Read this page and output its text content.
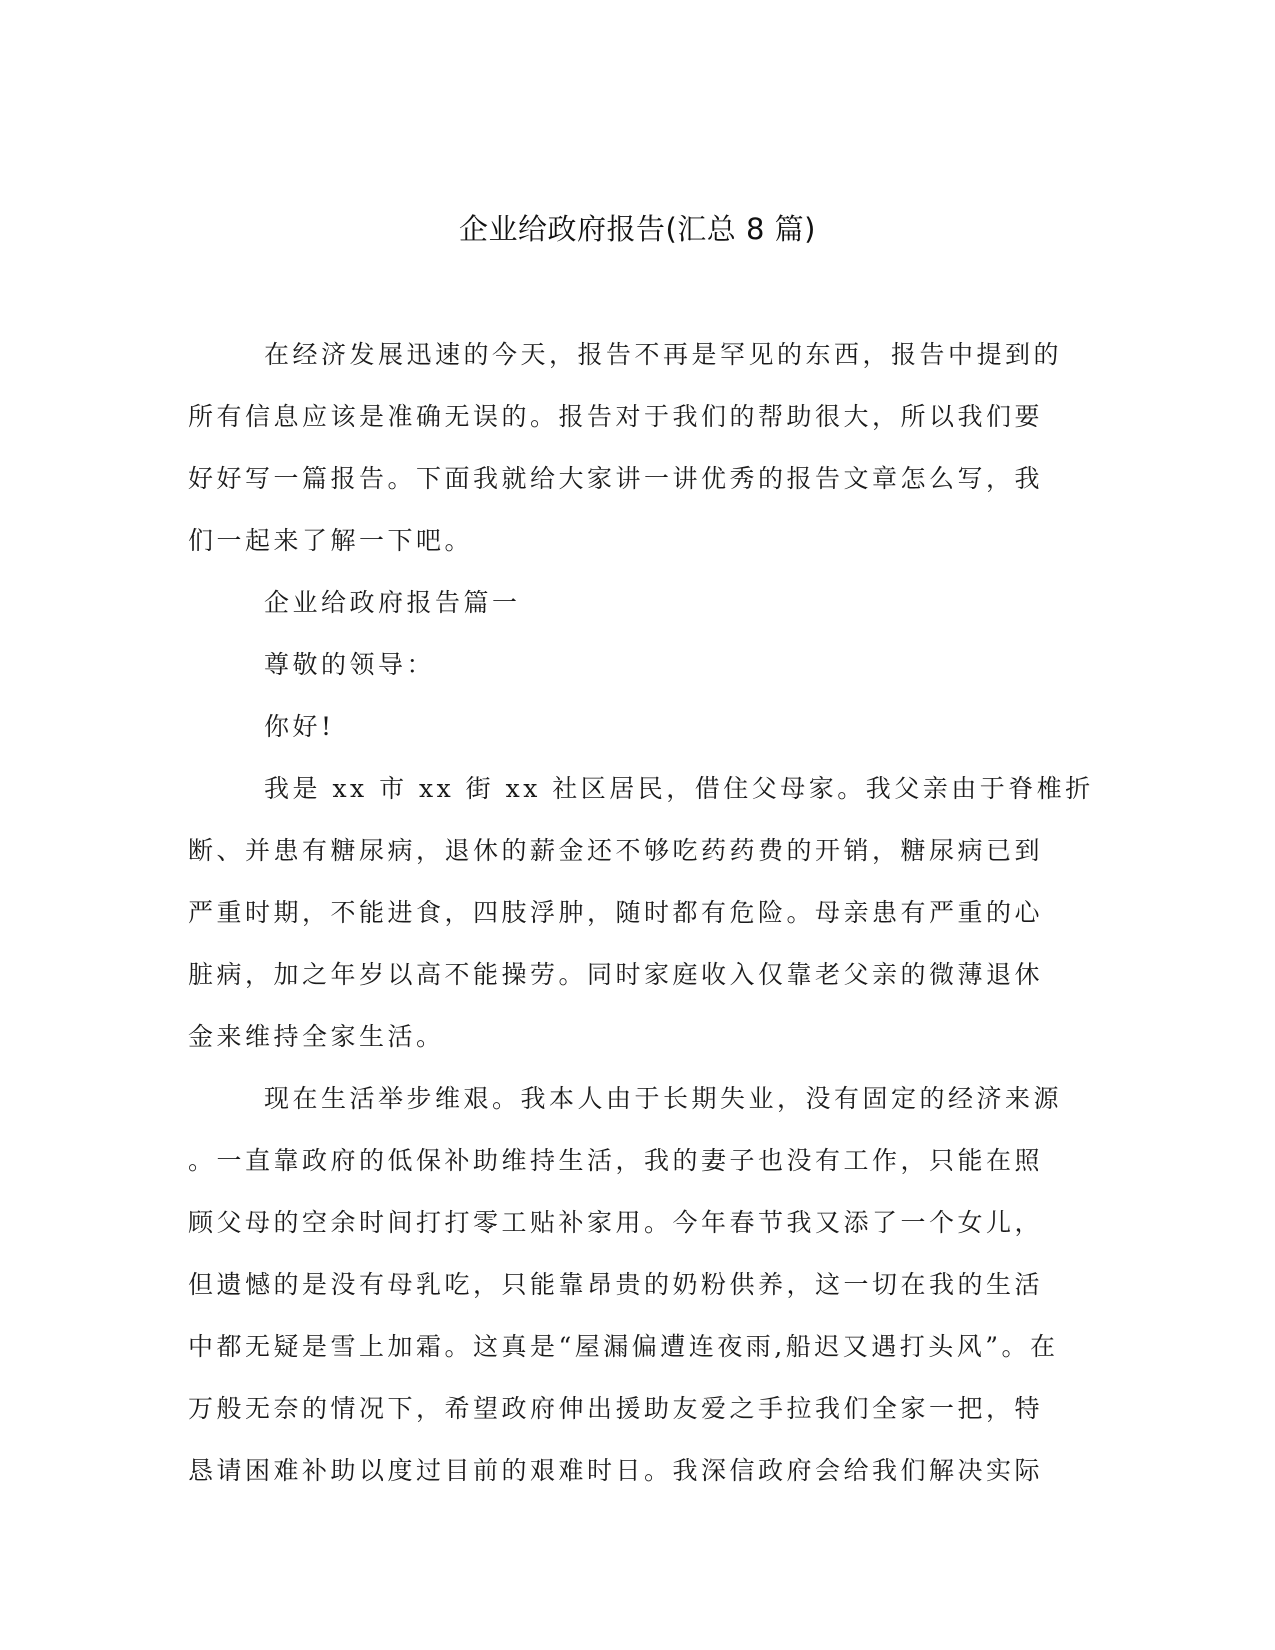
企业给政府报告(汇总 8 篇)
在经济发展迅速的今天，报告不再是罕见的东西，报告中提到的
所有信息应该是准确无误的。报告对于我们的帮助很大，所以我们要
好好写一篇报告。下面我就给大家讲一讲优秀的报告文章怎么写，我
们一起来了解一下吧。
企业给政府报告篇一
尊敬的领导：
你好!
我是 xx 市 xx 街 xx 社区居民，借住父母家。我父亲由于脊椎折
断、并患有糖尿病，退休的薪金还不够吃药药费的开销，糖尿病已到
严重时期，不能进食，四肢浮肿，随时都有危险。母亲患有严重的心
脏病，加之年岁以高不能操劳。同时家庭收入仅靠老父亲的微薄退休
金来维持全家生活。
现在生活举步维艰。我本人由于长期失业，没有固定的经济来源
。一直靠政府的低保补助维持生活，我的妻子也没有工作，只能在照
顾父母的空余时间打打零工贴补家用。今年春节我又添了一个女儿，
但遗憾的是没有母乳吃，只能靠昂贵的奶粉供养，这一切在我的生活
中都无疑是雪上加霜。这真是“屋漏偏遭连夜雨,船迟又遇打头风”。在
万般无奈的情况下，希望政府伸出援助友爱之手拉我们全家一把，特
恳请困难补助以度过目前的艰难时日。我深信政府会给我们解决实际
